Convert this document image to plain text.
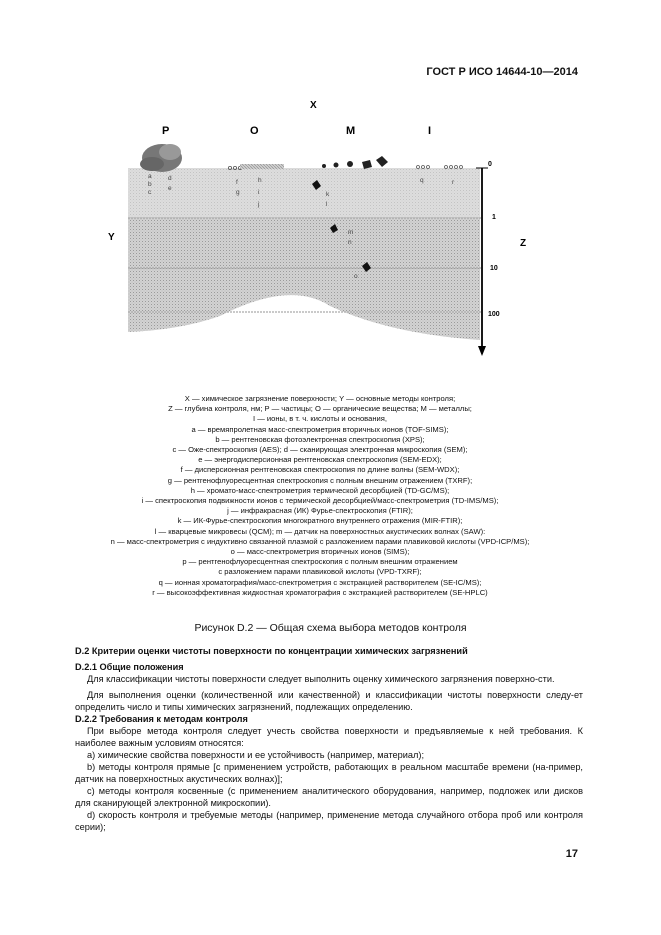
ГОСТ Р ИСО 14644-10—2014
X
Y
Z
P	O	M	I
0
1
10
100
a
b
c
d
e
f
g
h
i
j
k
l
m
n
o
q	r
X — химическое загрязнение поверхности; Y — основные методы контроля;
Z — глубина контроля, нм; P — частицы; O — органические вещества; M — металлы;
I — ионы, в т. ч. кислоты и основания,
a — времяпролетная масс-спектрометрия вторичных ионов (TOF-SIMS);
b — рентгеновская фотоэлектронная спектроскопия (XPS);
c — Оже-спектроскопия (AES); d — сканирующая электронная микроскопия (SEM);
e — энергодисперсионная рентгеновская спектроскопия (SEM-EDX);
f — дисперсионная рентгеновская спектроскопия по длине волны (SEM-WDX);
g — рентгенофлуоресцентная спектроскопия с полным внешним отражением (TXRF);
h — хромато-масс-спектрометрия термической десорбцией (TD-GC/MS);
i — спектроскопия подвижности ионов с термической десорбцией/масс-спектрометрия (TD-IMS/MS);
j — инфракрасная (ИК) Фурье-спектроскопия (FTIR);
k — ИК-Фурье-спектроскопия многократного внутреннего отражения (MIR-FTIR);
l — кварцевые микровесы (QCM); m — датчик на поверхностных акустических волнах (SAW):
n — масс-спектрометрия с индуктивно связанной плазмой с разложением парами плавиковой кислоты (VPD-ICP/MS);
o — масс-спектрометрия вторичных ионов (SIMS);
p — рентгенофлуоресцентная спектроскопия с полным внешним отражением
с разложением парами плавиковой кислоты (VPD-TXRF);
q — ионная хроматография/масс-спектрометрия с экстракцией растворителем (SE-IC/MS);
r — высокоэффективная жидкостная хроматография с экстракцией растворителем (SE-HPLC)
Рисунок D.2 — Общая схема выбора методов контроля

D.2 Критерии оценки чистоты поверхности по концентрации химических загрязнений

D.2.1 Общие положения

Для классификации чистоты поверхности следует выполнить оценку химического загрязнения поверхно-сти.

Для выполнения оценки (количественной или качественной) и классификации чистоты поверхности следу-ет определить число и типы химических загрязнений, подлежащих определению.

D.2.2 Требования к методам контроля

При выборе метода контроля следует учесть свойства поверхности и предъявляемые к ней требования. К наиболее важным условиям относятся:

a) химические свойства поверхности и ее устойчивость (например, материал);

b) методы контроля прямые [с применением устройств, работающих в реальном масштабе времени (на-пример, датчик на поверхностных акустических волнах)];

c) методы контроля косвенные (с применением аналитического оборудования, например, подложек или дисков для сканирующей электронной микроскопии).

d) скорость контроля и требуемые методы (например, применение метода случайного отбора проб или контроля серии);

17
